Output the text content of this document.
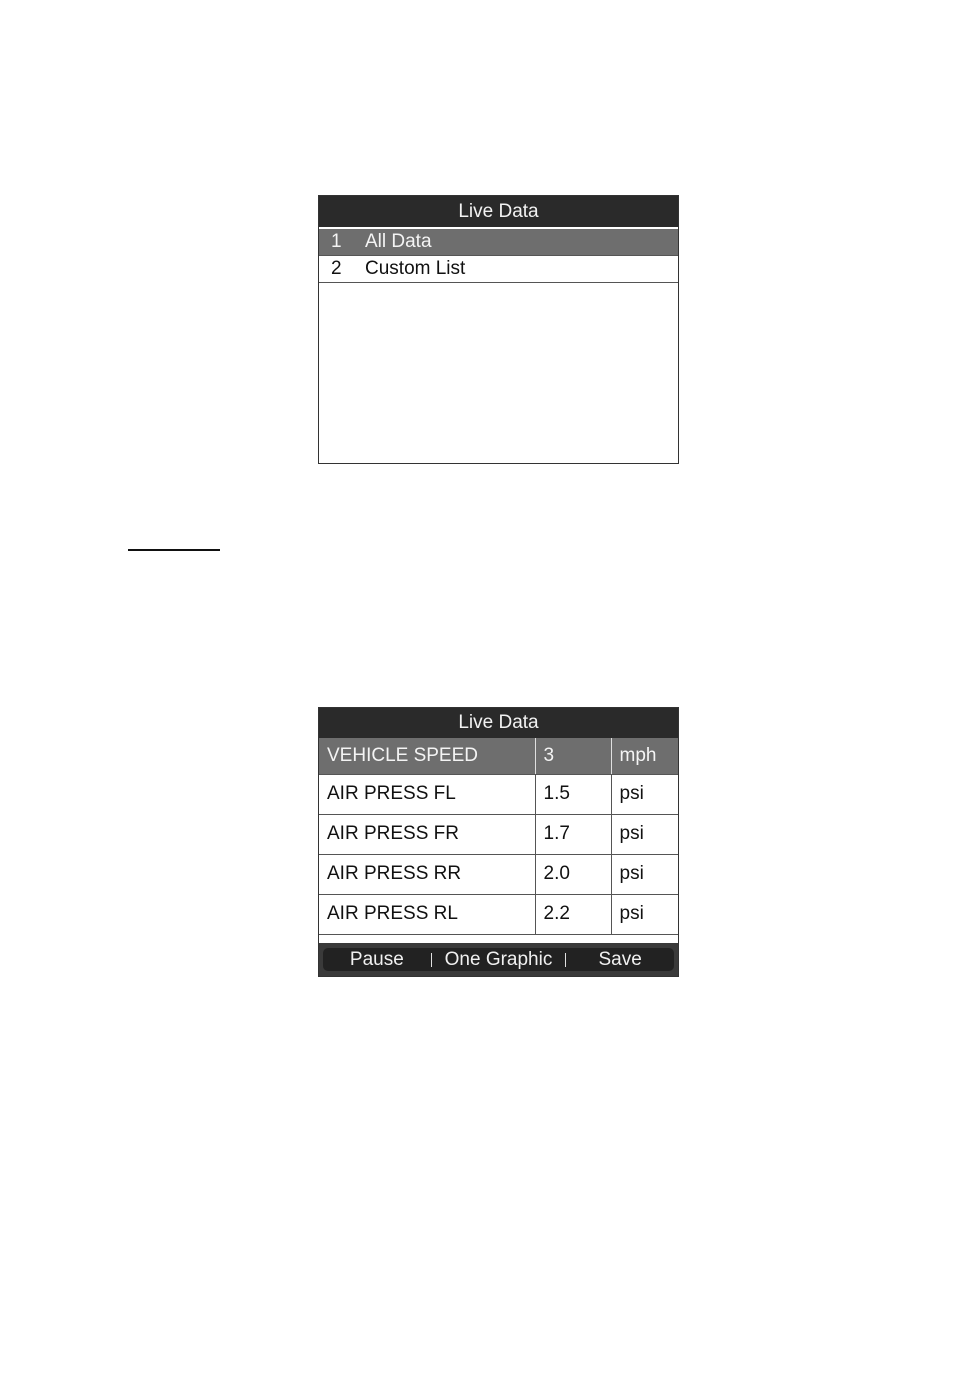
Live Data
1	All Data
2	Custom List
Live Data
VEHICLE SPEED	3	mph
AIR PRESS FL	1.5	psi
AIR PRESS FR	1.7	psi
AIR PRESS RR	2.0	psi
AIR PRESS RL	2.2	psi
Pause	One Graphic	Save
